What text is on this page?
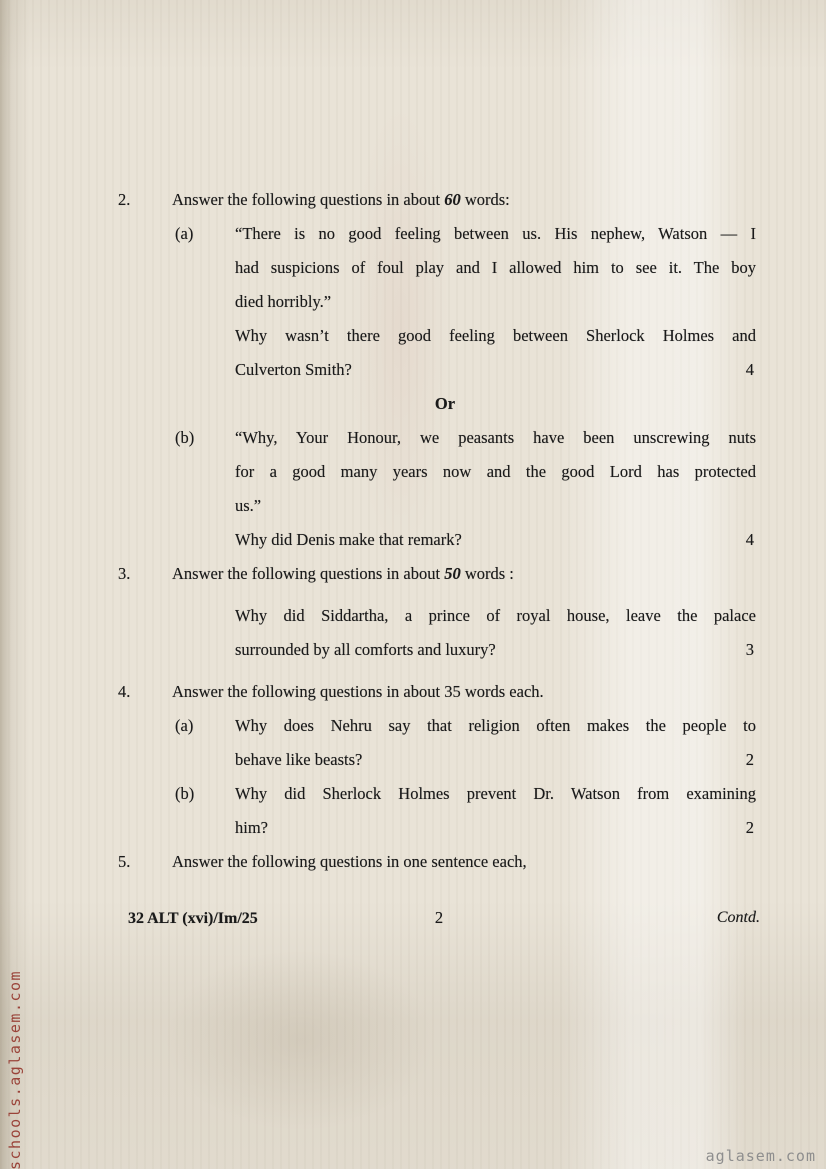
schools.aglasem.com	aglasem.com
2.	Answer the following questions in about 60 words:
(a)	“There is no good feeling between us. His nephew, Watson — I
had suspicions of foul play and I allowed him to see it. The boy
died horribly.”
Why wasn’t there good feeling between Sherlock Holmes and
Culverton Smith?	4
Or
(b)	“Why, Your Honour, we peasants have been unscrewing nuts
for a good many years now and the good Lord has protected
us.”
Why did Denis make that remark?	4
3.	Answer the following questions in about 50 words :
Why did Siddartha, a prince of royal house, leave the palace
surrounded by all comforts and luxury?	3
4.	Answer the following questions in about 35 words each.
(a)	Why does Nehru say that religion often makes the people to
behave like beasts?	2
(b)	Why did Sherlock Holmes prevent Dr. Watson from examining
him?	2
5.	Answer the following questions in one sentence each,
32 ALT (xvi)/Im/25	2	Contd.
